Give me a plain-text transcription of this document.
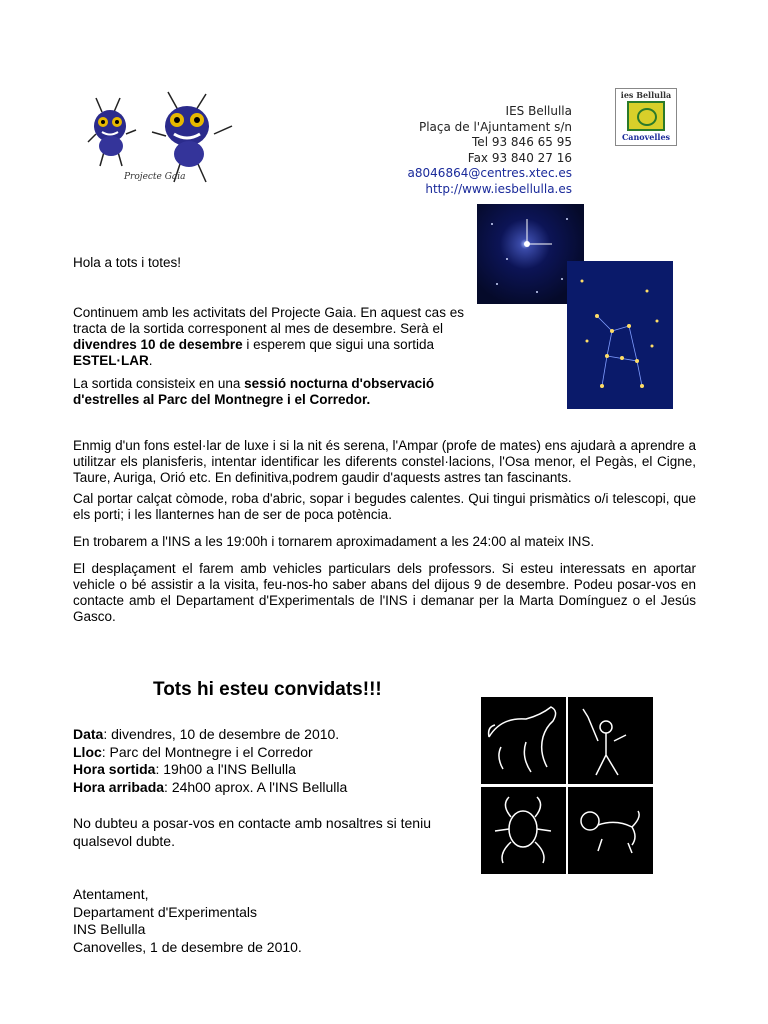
Projecte Gaia
IES Bellulla
Plaça de l'Ajuntament s/n
Tel 93 846 65 95
Fax 93 840 27 16
a8046864@centres.xtec.es
http://www.iesbellulla.es
ies Bellulla
Canovelles
Hola a tots i totes!

Continuem amb les activitats del Projecte Gaia. En aquest cas es tracta de la sortida corresponent al mes de desembre. Serà el divendres 10 de desembre i esperem que sigui una sortida ESTEL·LAR.

La sortida consisteix en una sessió nocturna d'observació d'estrelles al Parc del Montnegre i el Corredor.

Enmig d'un fons estel·lar de luxe i si la nit és serena, l'Ampar (profe de mates) ens ajudarà a aprendre a utilitzar els planisferis, intentar identificar les diferents constel·lacions, l'Osa menor, el Pegàs, el Cigne, Taure, Auriga, Orió etc. En definitiva,podrem gaudir d'aquests astres tan fascinants.

Cal portar calçat còmode, roba d'abric, sopar i begudes calentes. Qui tingui prismàtics o/i telescopi, que els porti; i les llanternes han de ser de poca potència.

En trobarem a l'INS a les 19:00h i tornarem aproximadament a les 24:00 al mateix INS.

El desplaçament el farem amb vehicles particulars dels professors. Si esteu interessats en aportar vehicle o bé assistir a la visita, feu-nos-ho saber abans del dijous 9 de desembre. Podeu posar-vos en contacte amb el Departament d'Experimentals de l'INS i demanar per la Marta Domínguez o el Jesús Gasco.

Tots hi esteu convidats!!!
Data: divendres, 10 de desembre de 2010.
Lloc: Parc del Montnegre i el Corredor
Hora sortida: 19h00 a l'INS Bellulla
Hora arribada: 24h00 aprox. A l'INS Bellulla
No dubteu a posar-vos en contacte amb nosaltres si teniu qualsevol dubte.
Atentament,
Departament d'Experimentals
INS Bellulla
Canovelles, 1 de desembre de 2010.
